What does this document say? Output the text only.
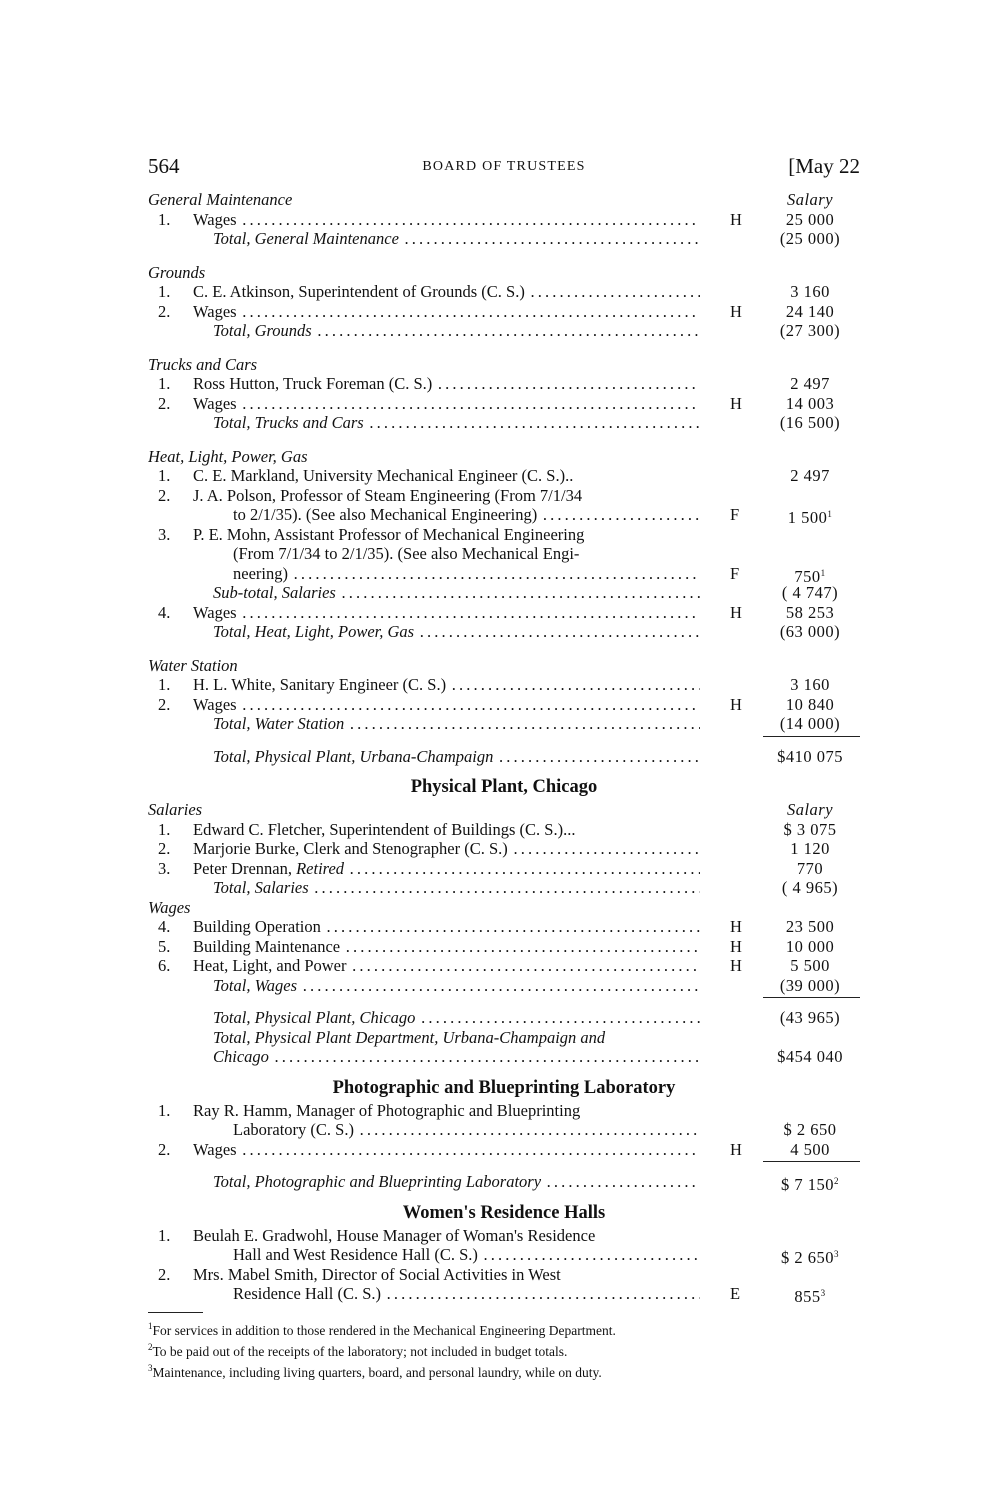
564	BOARD OF TRUSTEES	[May 22
General Maintenance	Salary
1. Wages . . .	H	25 000
Total, General Maintenance . . .	(25 000)
Grounds
1. C. E. Atkinson, Superintendent of Grounds (C. S.) . . .	3 160
2. Wages . . .	H	24 140
Total, Grounds . . .	(27 300)
Trucks and Cars
1. Ross Hutton, Truck Foreman (C. S.) . . .	2 497
2. Wages . . .	H	14 003
Total, Trucks and Cars . . .	(16 500)
Heat, Light, Power, Gas
1. C. E. Markland, University Mechanical Engineer (C. S.)..	2 497
2. J. A. Polson, Professor of Steam Engineering (From 7/1/34
to 2/1/35). (See also Mechanical Engineering) . . .	F	1 $500^1$
3. P. E. Mohn, Assistant Professor of Mechanical Engineering
(From 7/1/34 to 2/1/35). (See also Mechanical Engi-
neering) . . .	F	$750^1$
Sub-total, Salaries . . .	( 4 747)
4. Wages . . .	H	58 253
Total, Heat, Light, Power, Gas . . .	(63 000)
Water Station
1. H. L. White, Sanitary Engineer (C. S.) . . .	3 160
2. Wages . . .	H	10 840
Total, Water Station . . .	(14 000)
Total, Physical Plant, Urbana-Champaign . . .	$410 075
Physical Plant, Chicago
Salaries	Salary
1. Edward C. Fletcher, Superintendent of Buildings (C. S.)...	$ 3 075
2. Marjorie Burke, Clerk and Stenographer (C. S.) . . .	1 120
3. Peter Drennan, Retired . . .	770
Total, Salaries . . .	( 4 965)
Wages
4. Building Operation . . .	H	23 500
5. Building Maintenance . . .	H	10 000
6. Heat, Light, and Power . . .	H	5 500
Total, Wages . . .	(39 000)
Total, Physical Plant, Chicago . . .	(43 965)
Total, Physical Plant Department, Urbana-Champaign and
Chicago . . .	$454 040
Photographic and Blueprinting Laboratory
1. Ray R. Hamm, Manager of Photographic and Blueprinting
Laboratory (C. S.) . . .	$ 2 650
2. Wages . . .	H	4 500
Total, Photographic and Blueprinting Laboratory . . .	$ 7 $150^2$
Women's Residence Halls
1. Beulah E. Gradwohl, House Manager of Woman's Residence
Hall and West Residence Hall (C. S.) . . .	$ 2 $650^3$
2. Mrs. Mabel Smith, Director of Social Activities in West
Residence Hall (C. S.) . . .	E	$855^3$
$^1$For services in addition to those rendered in the Mechanical Engineering Department.
$^2$To be paid out of the receipts of the laboratory; not included in budget totals.
$^3$Maintenance, including living quarters, board, and personal laundry, while on duty.
